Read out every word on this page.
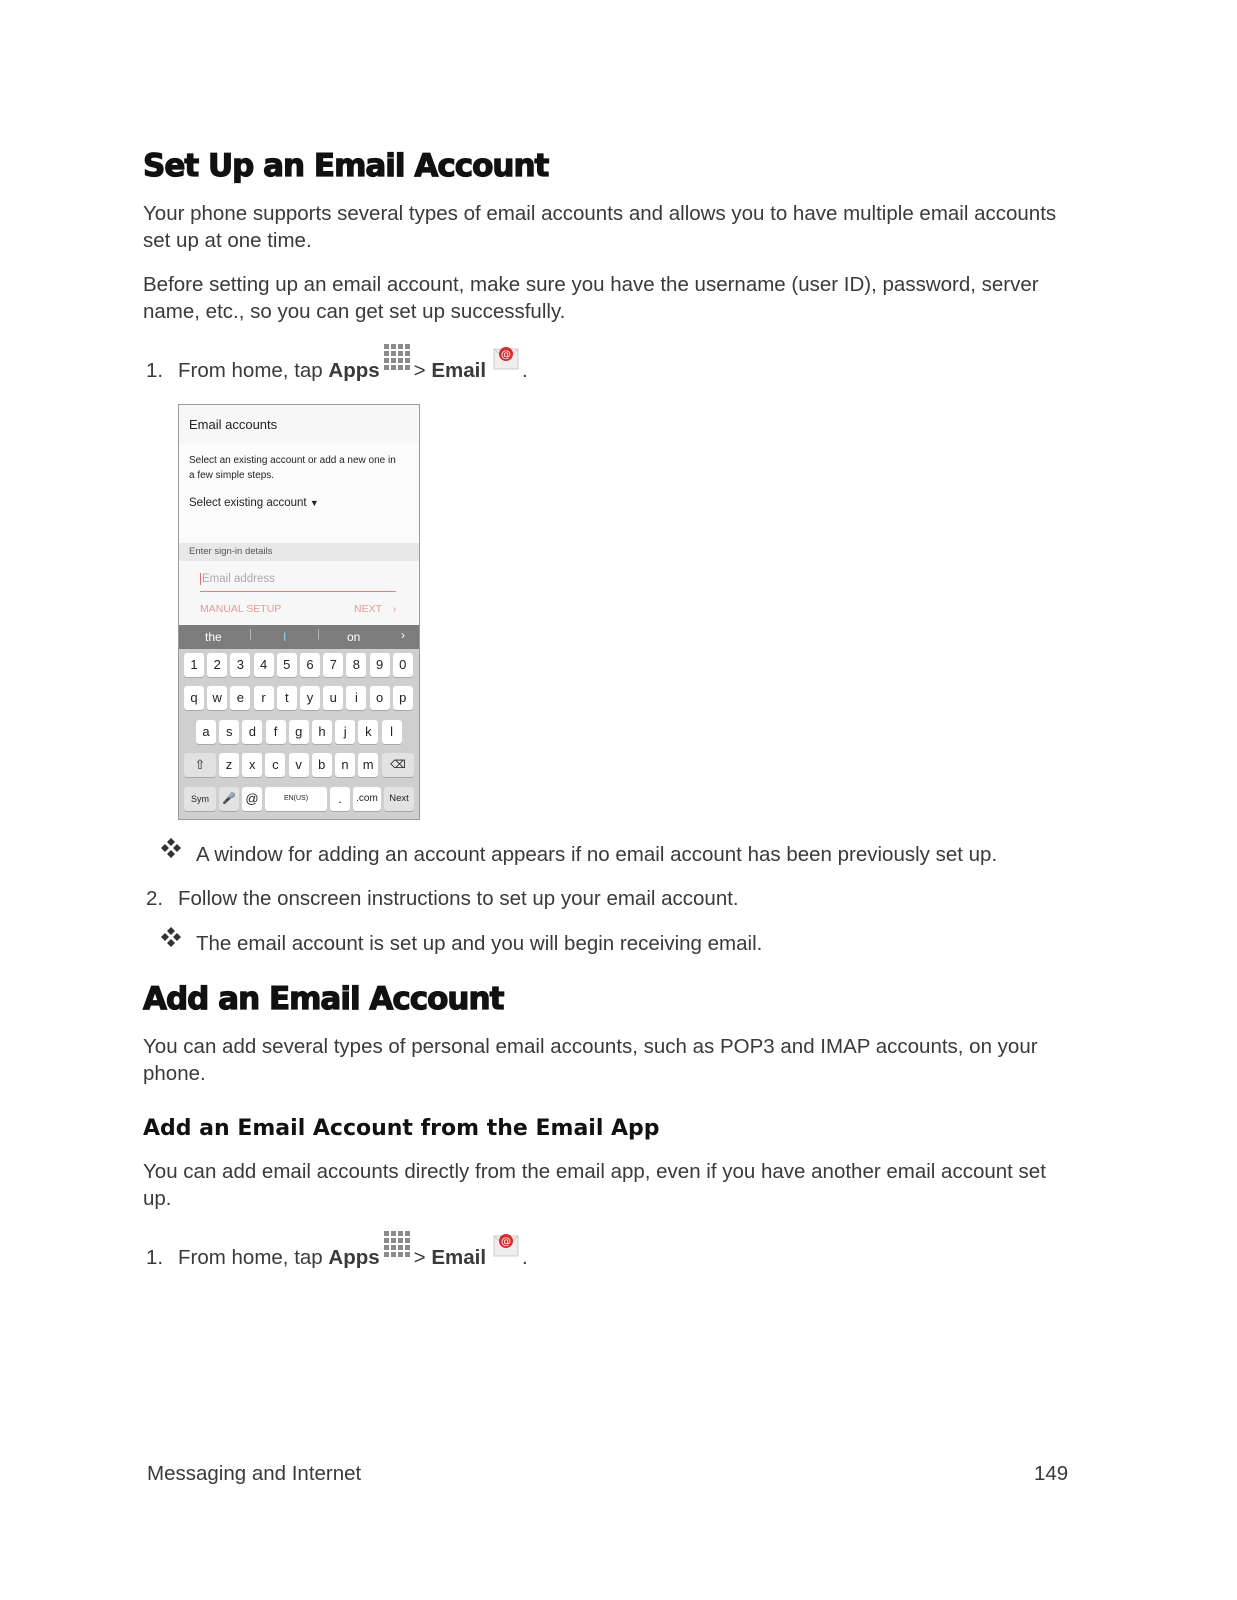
Set Up an Email Account

Your phone supports several types of email accounts and allows you to have multiple email accounts
set up at one time.

Before setting up an email account, make sure you have the username (user ID), password, server
name, etc., so you can get set up successfully.

1. From home, tap Apps > Email
@
.
Email accounts
Select an existing account or add a new one in
a few simple steps.
Select existing account ▼
Enter sign-in details
Email address
MANUAL SETUP	NEXT ›
the |	I	| on	›
1	2	3	4	5	6	7	8	9	0
q	w	e	r	t	y	u	i	o	p
a	s	d	f	g	h	j	k	l
⇧	⌫
z	x	c	v	b	n	m
Sym	🎤 @	EN(US)	.	.com	Next
A window for adding an account appears if no email account has been previously set up.
2. Follow the onscreen instructions to set up your email account.
The email account is set up and you will begin receiving email.
Add an Email Account

You can add several types of personal email accounts, such as POP3 and IMAP accounts, on your
phone.

Add an Email Account from the Email App

You can add email accounts directly from the email app, even if you have another email account set
up.

1. From home, tap Apps > Email
@
.
Messaging and Internet	149
